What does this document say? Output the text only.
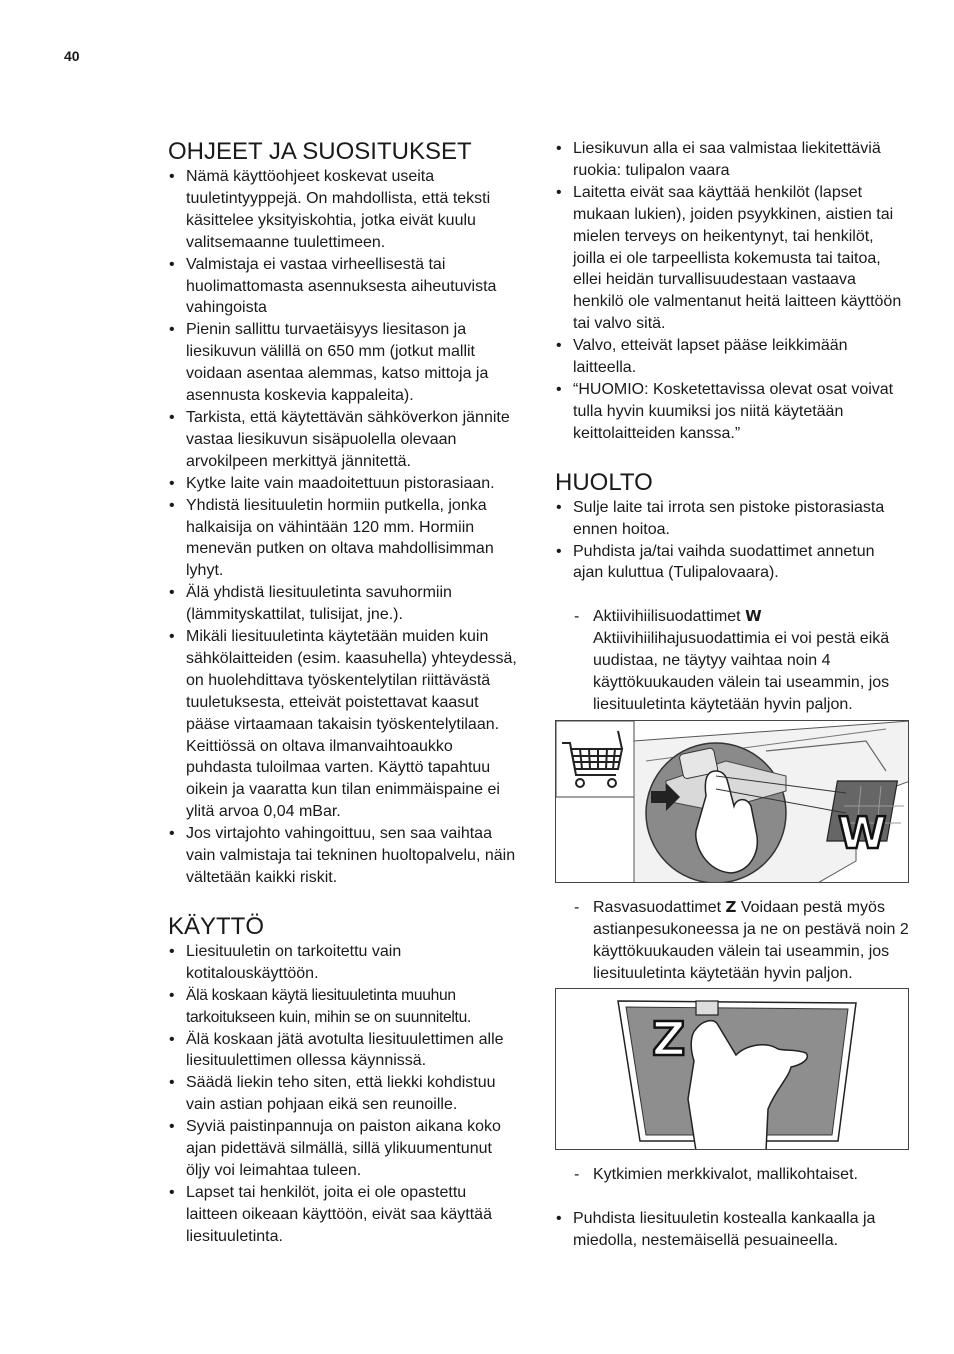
40
OHJEET JA SUOSITUKSET
• Nämä käyttöohjeet koskevat useita tuuletintyyppejä. On mahdollista, että teksti käsittelee yksityiskohtia, jotka eivät kuulu valitsemaanne tuulettimeen.
• Valmistaja ei vastaa virheellisestä tai huolimattomasta asennuksesta aiheutuvista vahingoista
• Pienin sallittu turvaetäisyys liesitason ja liesikuvun välillä on 650 mm (jotkut mallit voidaan asentaa alemmas, katso mittoja ja asennusta koskevia kappaleita).
• Tarkista, että käytettävän sähköverkon jännite vastaa liesikuvun sisäpuolella olevaan arvokilpeen merkittyä jännitettä.
• Kytke laite vain maadoitettuun pistorasiaan.
• Yhdistä liesituuletin hormiin putkella, jonka halkaisija on vähintään 120 mm. Hormiin menevän putken on oltava mahdollisimman lyhyt.
• Älä yhdistä liesituuletinta savuhormiin (lämmityskattilat, tulisijat, jne.).
• Mikäli liesituuletinta käytetään muiden kuin sähkölaitteiden (esim. kaasuhella) yhteydessä, on huolehdittava työskentelytilan riittävästä tuuletuksesta, etteivät poistettavat kaasut pääse virtaamaan takaisin työskentelytilaan. Keittiössä on oltava ilmanvaihtoaukko puhdasta tuloilmaa varten. Käyttö tapahtuu oikein ja vaaratta kun tilan enimmäispaine ei ylitä arvoa 0,04 mBar.
• Jos virtajohto vahingoittuu, sen saa vaihtaa vain valmistaja tai tekninen huoltopalvelu, näin vältetään kaikki riskit.
KÄYTTÖ
• Liesituuletin on tarkoitettu vain kotitalouskäyttöön.
• Älä koskaan käytä liesituuletinta muuhun tarkoitukseen kuin, mihin se on suunniteltu.
• Älä koskaan jätä avotulta liesituulettimen alle liesituulettimen ollessa käynnissä.
• Säädä liekin teho siten, että liekki kohdistuu vain astian pohjaan eikä sen reunoille.
• Syviä paistinpannuja on paiston aikana koko ajan pidettävä silmällä, sillä ylikuumentunut öljy voi leimahtaa tuleen.
• Lapset tai henkilöt, joita ei ole opastettu laitteen oikeaan käyttöön, eivät saa käyttää liesituuletinta.
• Liesikuvun alla ei saa valmistaa liekitettäviä ruokia: tulipalon vaara
• Laitetta eivät saa käyttää henkilöt (lapset mukaan lukien), joiden psyykkinen, aistien tai mielen terveys on heikentynyt, tai henkilöt, joilla ei ole tarpeellista kokemusta tai taitoa, ellei heidän turvallisuudestaan vastaava henkilö ole valmentanut heitä laitteen käyttöön tai valvo sitä.
• Valvo, etteivät lapset pääse leikkimään laitteella.
• “HUOMIO: Kosketettavissa olevat osat voivat tulla hyvin kuumiksi jos niitä käytetään keittolaitteiden kanssa.”
HUOLTO
• Sulje laite tai irrota sen pistoke pistorasiasta ennen hoitoa.
• Puhdista ja/tai vaihda suodattimet annetun ajan kuluttua (Tulipalovaara).
- Aktiivihiilisuodattimet W Aktiivihiilihajusuodattimia ei voi pestä eikä uudistaa, ne täytyy vaihtaa noin 4 käyttökuukauden välein tai useammin, jos liesituuletinta käytetään hyvin paljon.
W
- Rasvasuodattimet Z Voidaan pestä myös astianpesukoneessa ja ne on pestävä noin 2 käyttökuukauden välein tai useammin, jos liesituuletinta käytetään hyvin paljon.
Z
- Kytkimien merkkivalot, mallikohtaiset.
• Puhdista liesituuletin kostealla kankaalla ja miedolla, nestemäisellä pesuaineella.
